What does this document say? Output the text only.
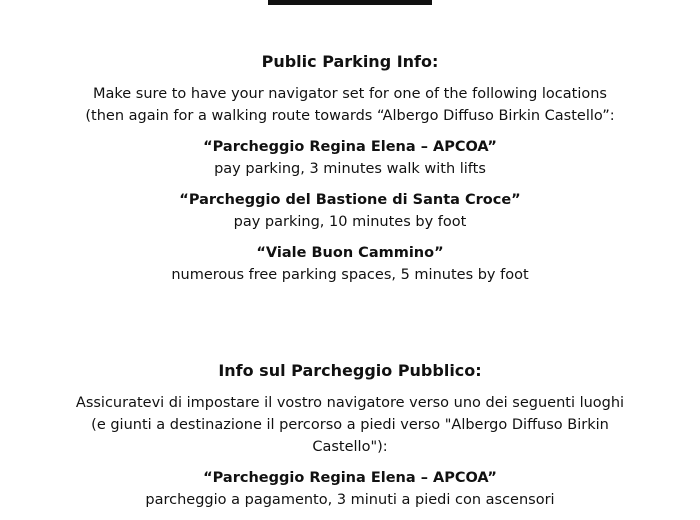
Public Parking Info:

Make sure to have your navigator set for one of the following locations
(then again for a walking route towards “Albergo Diffuso Birkin Castello”:

“Parcheggio Regina Elena – APCOA”
pay parking, 3 minutes walk with lifts
“Parcheggio del Bastione di Santa Croce”
pay parking, 10 minutes by foot
“Viale Buon Cammino”
numerous free parking spaces, 5 minutes by foot
Info sul Parcheggio Pubblico:

Assicuratevi di impostare il vostro navigatore verso uno dei seguenti luoghi
(e giunti a destinazione il percorso a piedi verso "Albergo Diffuso Birkin
Castello"):

“Parcheggio Regina Elena – APCOA”
parcheggio a pagamento, 3 minuti a piedi con ascensori
